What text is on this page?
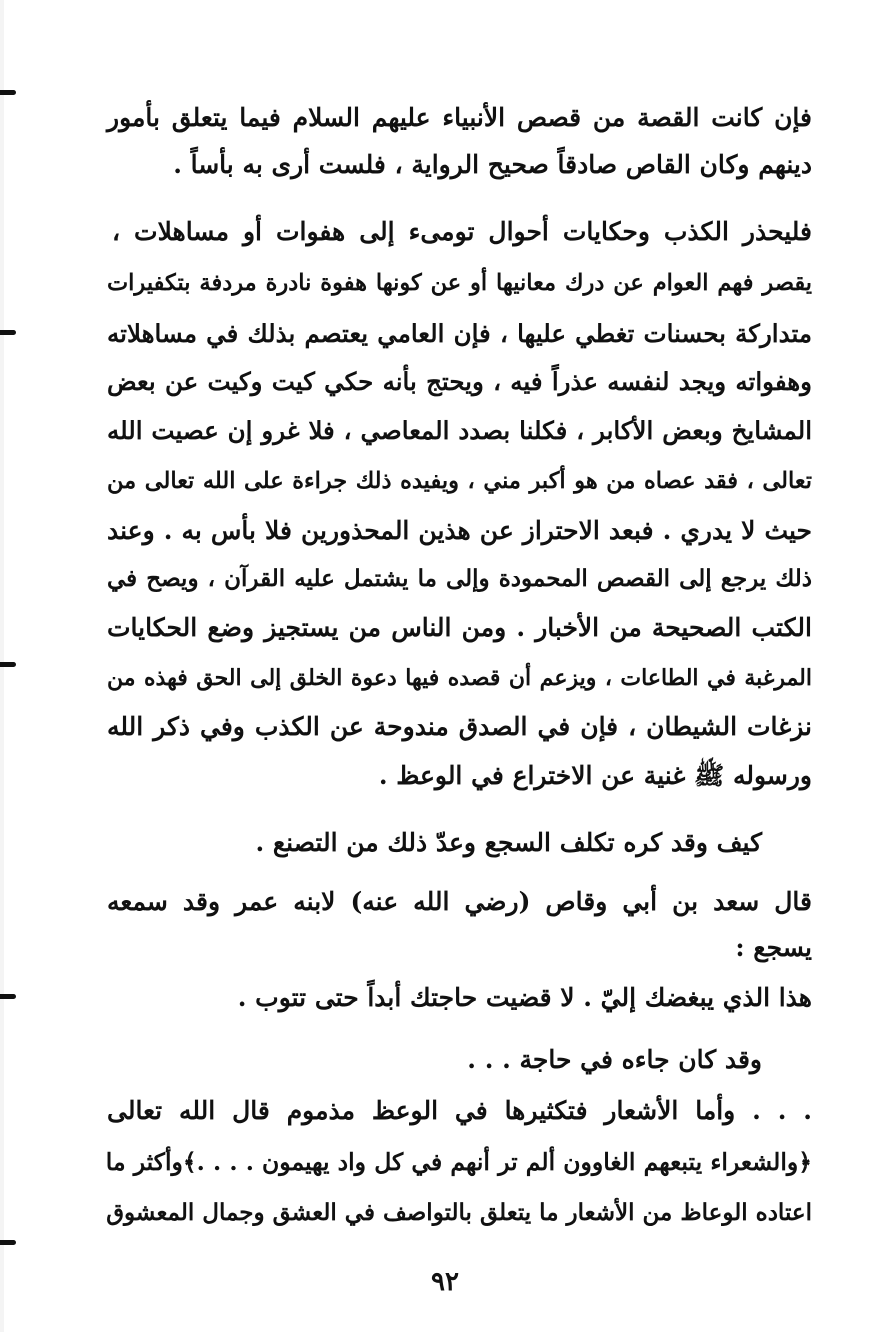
فإن كانت القصة من قصص الأنبياء عليهم السلام فيما يتعلق بأمور
دينهم وكان القاص صادقاً صحيح الرواية ، فلست أرى به بأساً .
فليحذر الكذب وحكايات أحوال تومىء إلى هفوات أو مساهلات ،
يقصر فهم العوام عن درك معانيها أو عن كونها هفوة نادرة مردفة بتكفيرات
متداركة بحسنات تغطي عليها ، فإن العامي يعتصم بذلك في مساهلاته
وهفواته ويجد لنفسه عذراً فيه ، ويحتج بأنه حكي كيت وكيت عن بعض
المشايخ وبعض الأكابر ، فكلنا بصدد المعاصي ، فلا غرو إن عصيت الله
تعالى ، فقد عصاه من هو أكبر مني ، ويفيده ذلك جراءة على الله تعالى من
حيث لا يدري . فبعد الاحتراز عن هذين المحذورين فلا بأس به . وعند
ذلك يرجع إلى القصص المحمودة وإلى ما يشتمل عليه القرآن ، ويصح في
الكتب الصحيحة من الأخبار . ومن الناس من يستجيز وضع الحكايات
المرغبة في الطاعات ، ويزعم أن قصده فيها دعوة الخلق إلى الحق فهذه من
نزغات الشيطان ، فإن في الصدق مندوحة عن الكذب وفي ذكر الله
ورسوله ﷺ غنية عن الاختراع في الوعظ .
كيف وقد كره تكلف السجع وعدّ ذلك من التصنع .
قال سعد بن أبي وقاص (رضي الله عنه) لابنه عمر وقد سمعه
يسجع :
هذا الذي يبغضك إليّ . لا قضيت حاجتك أبداً حتى تتوب .
وقد كان جاءه في حاجة . . .
. . . وأما الأشعار فتكثيرها في الوعظ مذموم قال الله تعالى
﴿والشعراء يتبعهم الغاوون ألم تر أنهم في كل واد يهيمون . . . .﴾وأكثر ما
اعتاده الوعاظ من الأشعار ما يتعلق بالتواصف في العشق وجمال المعشوق
٩٢
